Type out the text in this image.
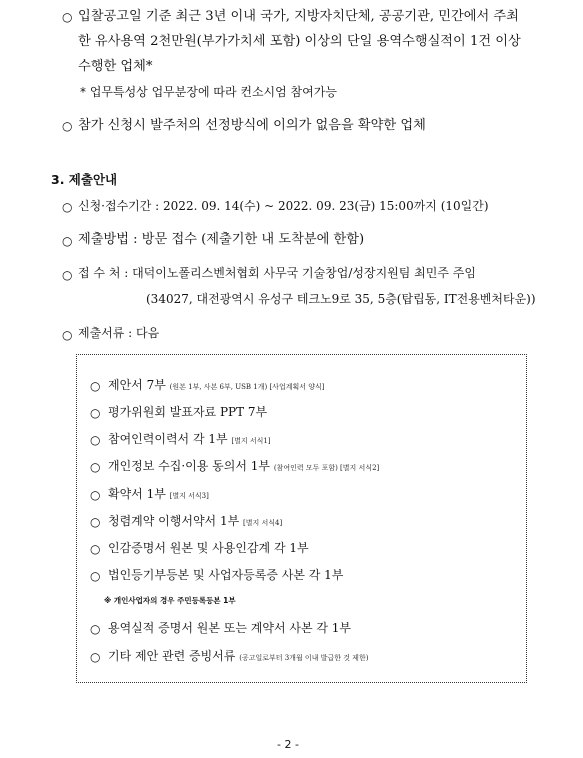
○ 입찰공고일 기준 최근 3년 이내 국가, 지방자치단체, 공공기관, 민간에서 주최
한 유사용역 2천만원(부가가치세 포함) 이상의 단일 용역수행실적이 1건 이상
수행한 업체*
* 업무특성상 업무분장에 따라 컨소시엄 참여가능
○ 참가 신청시 발주처의 선정방식에 이의가 없음을 확약한 업체
3. 제출안내
○ 신청·접수기간 : 2022. 09. 14(수) ~ 2022. 09. 23(금) 15:00까지 (10일간)
○ 제출방법 : 방문 접수 (제출기한 내 도착분에 한함)
○ 접 수 처 : 대덕이노폴리스벤처협회 사무국 기술창업/성장지원팀 최민주 주임
(34027, 대전광역시 유성구 테크노9로 35, 5층(탑립동, IT전용벤처타운))
○ 제출서류 : 다음
○ 제안서 7부 (원본 1부, 사본 6부, USB 1개) [사업계획서 양식]
○ 평가위원회 발표자료 PPT 7부
○ 참여인력이력서 각 1부 [별지 서식1]
○ 개인정보 수집·이용 동의서 1부 (참여인력 모두 포함) [별지 서식2]
○ 확약서 1부 [별지 서식3]
○ 청렴계약 이행서약서 1부 [별지 서식4]
○ 인감증명서 원본 및 사용인감계 각 1부
○ 법인등기부등본 및 사업자등록증 사본 각 1부
※ 개인사업자의 경우 주민등록등본 1부
○ 용역실적 증명서 원본 또는 계약서 사본 각 1부
○ 기타 제안 관련 증빙서류 (공고일로부터 3개월 이내 발급한 것 제한)
- 2 -
